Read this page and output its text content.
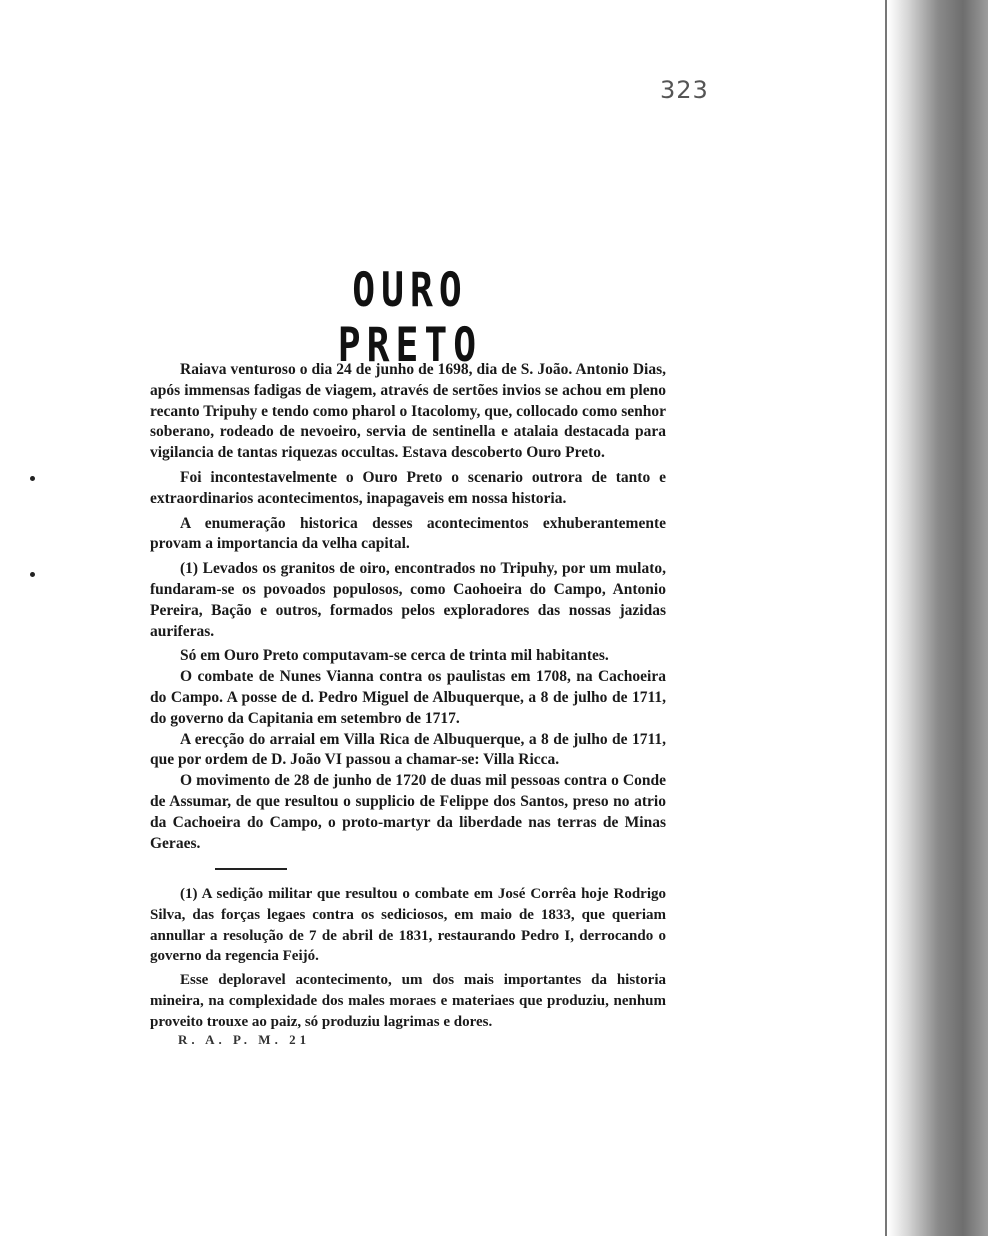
323
OURO PRETO

Raiava venturoso o dia 24 de junho de 1698, dia de S. João. Antonio Dias, após immensas fadigas de viagem, através de sertões invios se achou em pleno recanto Tripuhy e tendo como pharol o Itacolomy, que, collocado como senhor soberano, rodeado de nevoeiro, servia de sentinella e atalaia destacada para vigilancia de tantas riquezas occultas. Estava descoberto Ouro Preto.

Foi incontestavelmente o Ouro Preto o scenario outrora de tanto e extraordinarios acontecimentos, inapagaveis em nossa historia.

A enumeração historica desses acontecimentos exhuberantemente provam a importancia da velha capital.

(1) Levados os granitos de oiro, encontrados no Tripuhy, por um mulato, fundaram-se os povoados populosos, como Caohoeira do Campo, Antonio Pereira, Bação e outros, formados pelos exploradores das nossas jazidas auriferas.

Só em Ouro Preto computavam-se cerca de trinta mil habitantes.

O combate de Nunes Vianna contra os paulistas em 1708, na Cachoeira do Campo. A posse de d. Pedro Miguel de Albuquerque, a 8 de julho de 1711, do governo da Capitania em setembro de 1717.

A erecção do arraial em Villa Rica de Albuquerque, a 8 de julho de 1711, que por ordem de D. João VI passou a chamar-se: Villa Ricca.

O movimento de 28 de junho de 1720 de duas mil pessoas contra o Conde de Assumar, de que resultou o supplicio de Felippe dos Santos, preso no atrio da Cachoeira do Campo, o proto-martyr da liberdade nas terras de Minas Geraes.

(1) A sedição militar que resultou o combate em José Corrêa hoje Rodrigo Silva, das forças legaes contra os sediciosos, em maio de 1833, que queriam annullar a resolução de 7 de abril de 1831, restaurando Pedro I, derrocando o governo da regencia Feijó.

Esse deploravel acontecimento, um dos mais importantes da historia mineira, na complexidade dos males moraes e materiaes que produziu, nenhum proveito trouxe ao paiz, só produziu lagrimas e dores.

R. A. P. M. 21
